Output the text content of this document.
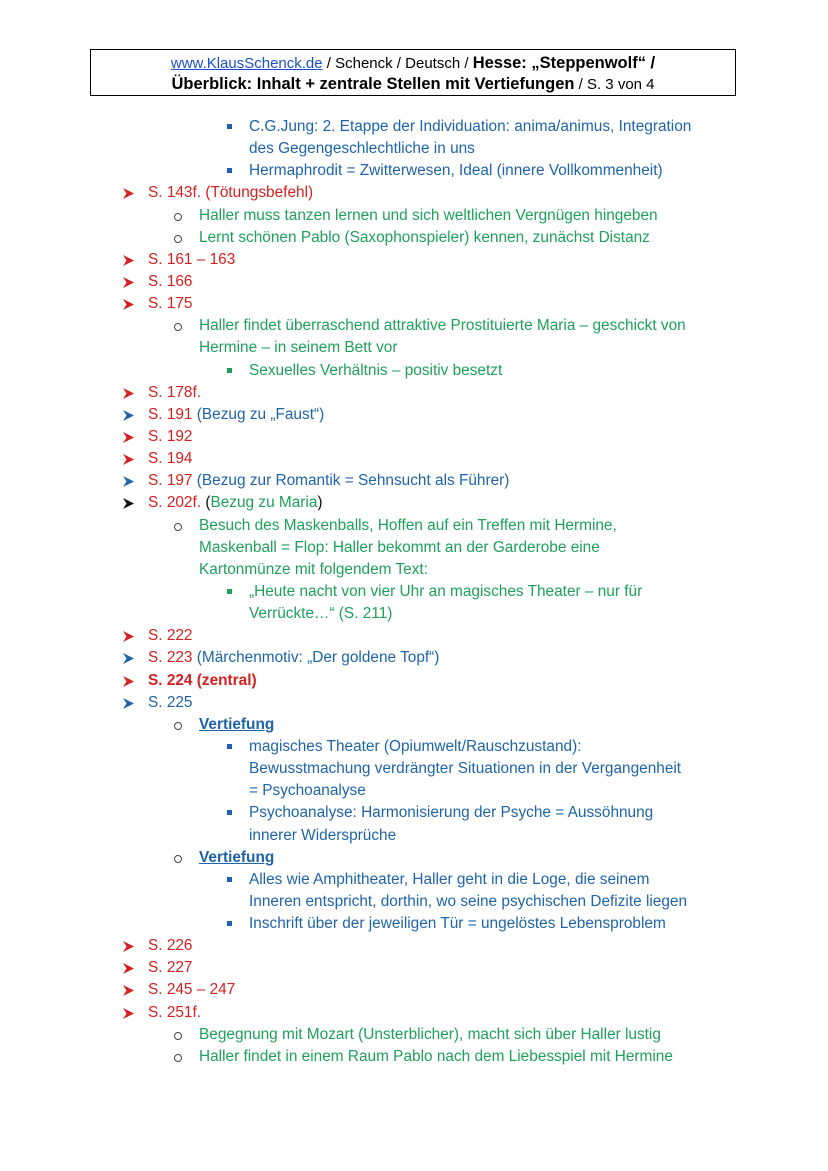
www.KlausSchenck.de / Schenck / Deutsch / Hesse: „Steppenwolf“ /
Überblick: Inhalt + zentrale Stellen mit Vertiefungen / S. 3 von 4
C.G.Jung: 2. Etappe der Individuation: anima/animus, Integration
des Gegengeschlechtliche in uns
Hermaphrodit = Zwitterwesen, Ideal (innere Vollkommenheit)
S. 143f. (Tötungsbefehl)
Haller muss tanzen lernen und sich weltlichen Vergnügen hingeben
Lernt schönen Pablo (Saxophonspieler) kennen, zunächst Distanz
S. 161 – 163
S. 166
S. 175
Haller findet überraschend attraktive Prostituierte Maria – geschickt von
Hermine – in seinem Bett vor
Sexuelles Verhältnis – positiv besetzt
S. 178f.
S. 191 (Bezug zu „Faust“)
S. 192
S. 194
S. 197 (Bezug zur Romantik = Sehnsucht als Führer)
S. 202f. (Bezug zu Maria)
Besuch des Maskenballs, Hoffen auf ein Treffen mit Hermine,
Maskenball = Flop: Haller bekommt an der Garderobe eine
Kartonmünze mit folgendem Text:
„Heute nacht von vier Uhr an magisches Theater – nur für
Verrückte…“ (S. 211)
S. 222
S. 223 (Märchenmotiv: „Der goldene Topf“)
S. 224 (zentral)
S. 225
Vertiefung
magisches Theater (Opiumwelt/Rauschzustand):
Bewusstmachung verdrängter Situationen in der Vergangenheit
= Psychoanalyse
Psychoanalyse: Harmonisierung der Psyche = Aussöhnung
innerer Widersprüche
Vertiefung
Alles wie Amphitheater, Haller geht in die Loge, die seinem
Inneren entspricht, dorthin, wo seine psychischen Defizite liegen
Inschrift über der jeweiligen Tür = ungelöstes Lebensproblem
S. 226
S. 227
S. 245 – 247
S. 251f.
Begegnung mit Mozart (Unsterblicher), macht sich über Haller lustig
Haller findet in einem Raum Pablo nach dem Liebesspiel mit Hermine
